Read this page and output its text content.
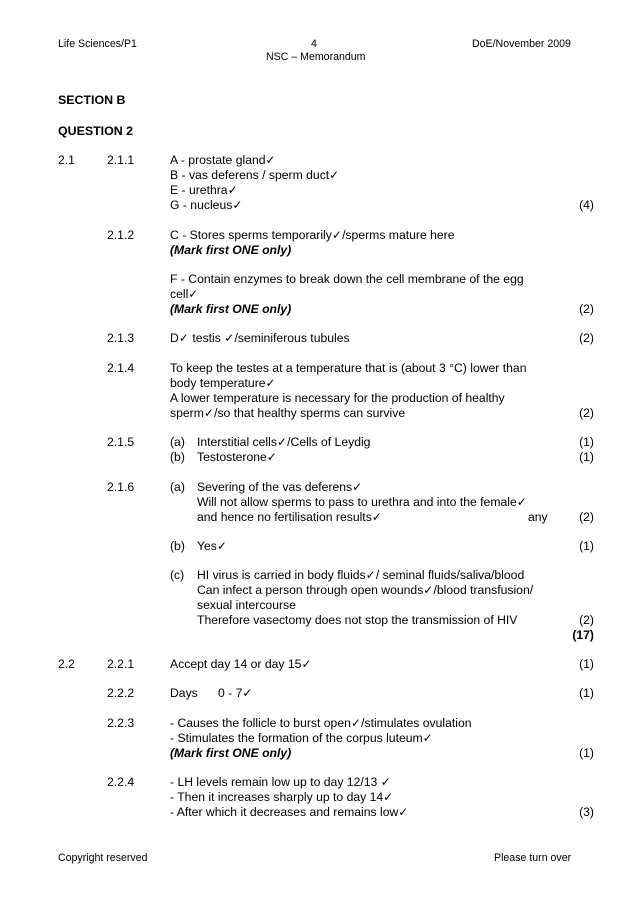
Life Sciences/P1	4	DoE/November 2009
NSC – Memorandum
SECTION B
QUESTION 2
2.1	2.1.1	A - prostate gland✓
B - vas deferens / sperm duct✓
E - urethra✓
G - nucleus✓	(4)
2.1.2	C - Stores sperms temporarily✓/sperms mature here
(Mark first ONE only)
F - Contain enzymes to break down the cell membrane of the egg
cell✓
(Mark first ONE only)	(2)
2.1.3	D✓ testis ✓/seminiferous tubules	(2)
2.1.4	To keep the testes at a temperature that is (about 3 °C) lower than
body temperature✓
A lower temperature is necessary for the production of healthy
sperm✓/so that healthy sperms can survive	(2)
2.1.5	(a) Interstitial cells✓/Cells of Leydig	(1)
(b) Testosterone✓	(1)
2.1.6	(a) Severing of the vas deferens✓
Will not allow sperms to pass to urethra and into the female✓
and hence no fertilisation results✓	any	(2)
(b) Yes✓	(1)
(c) HI virus is carried in body fluids✓/ seminal fluids/saliva/blood
Can infect a person through open wounds✓/blood transfusion/
sexual intercourse
Therefore vasectomy does not stop the transmission of HIV	(2)
(17)
2.2	2.2.1	Accept day 14 or day 15✓	(1)
2.2.2	Days 0 - 7✓	(1)
2.2.3	- Causes the follicle to burst open✓/stimulates ovulation
- Stimulates the formation of the corpus luteum✓
(Mark first ONE only)	(1)
2.2.4	- LH levels remain low up to day 12/13 ✓
- Then it increases sharply up to day 14✓
- After which it decreases and remains low✓	(3)
Copyright reserved	Please turn over
